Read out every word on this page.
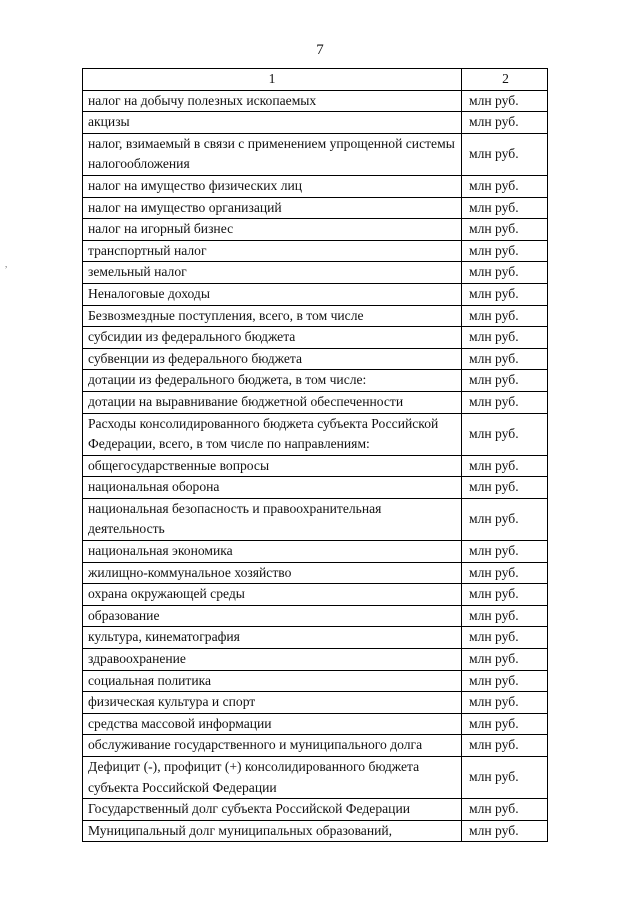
7
,
1	2
налог на добычу полезных ископаемых	млн руб.
акцизы	млн руб.
налог, взимаемый в связи с применением упрощенной системы налогообложения	млн руб.
налог на имущество физических лиц	млн руб.
налог на имущество организаций	млн руб.
налог на игорный бизнес	млн руб.
транспортный налог	млн руб.
земельный налог	млн руб.
Неналоговые доходы	млн руб.
Безвозмездные поступления, всего, в том числе	млн руб.
субсидии из федерального бюджета	млн руб.
субвенции из федерального бюджета	млн руб.
дотации из федерального бюджета, в том числе:	млн руб.
дотации на выравнивание бюджетной обеспеченности	млн руб.
Расходы консолидированного бюджета субъекта Российской Федерации, всего, в том числе по направлениям:	млн руб.
общегосударственные вопросы	млн руб.
национальная оборона	млн руб.
национальная безопасность и правоохранительная деятельность	млн руб.
национальная экономика	млн руб.
жилищно-коммунальное хозяйство	млн руб.
охрана окружающей среды	млн руб.
образование	млн руб.
культура, кинематография	млн руб.
здравоохранение	млн руб.
социальная политика	млн руб.
физическая культура и спорт	млн руб.
средства массовой информации	млн руб.
обслуживание государственного и муниципального долга	млн руб.
Дефицит (-), профицит (+) консолидированного бюджета субъекта Российской Федерации	млн руб.
Государственный долг субъекта Российской Федерации	млн руб.
Муниципальный долг муниципальных образований,	млн руб.
